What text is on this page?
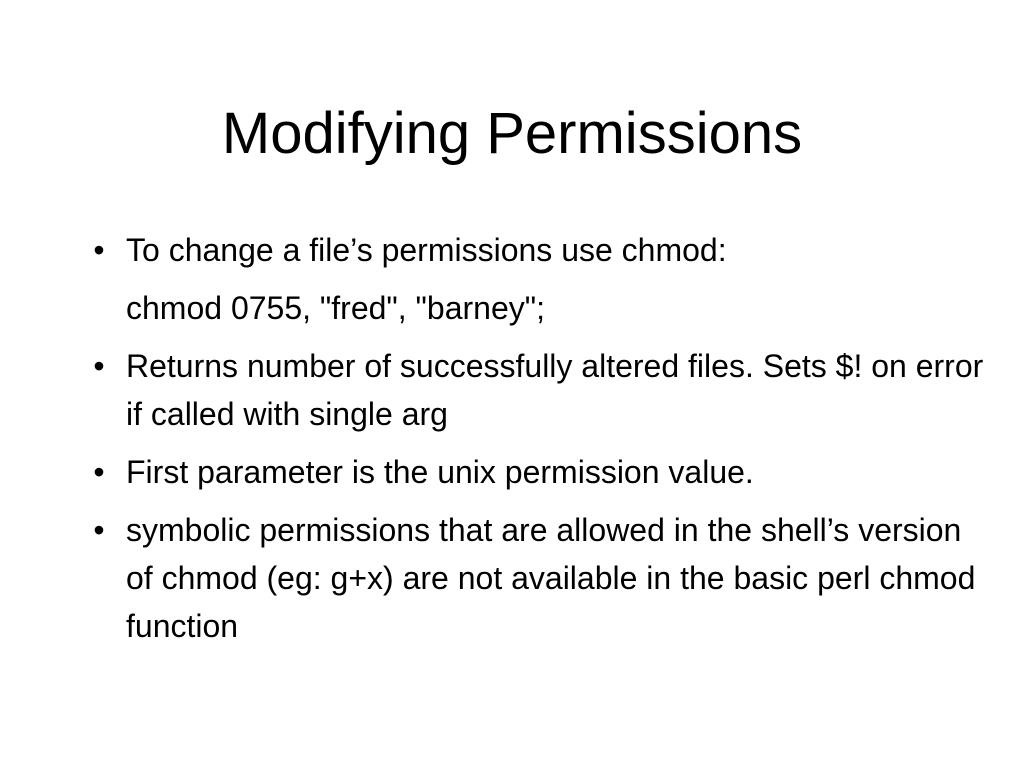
Modifying Permissions
• To change a file’s permissions use chmod:
chmod 0755, "fred", "barney";
• Returns number of successfully altered files. Sets $! on error if called with single arg
• First parameter is the unix permission value.
• symbolic permissions that are allowed in the shell’s version of chmod (eg: g+x) are not available in the basic perl chmod function
